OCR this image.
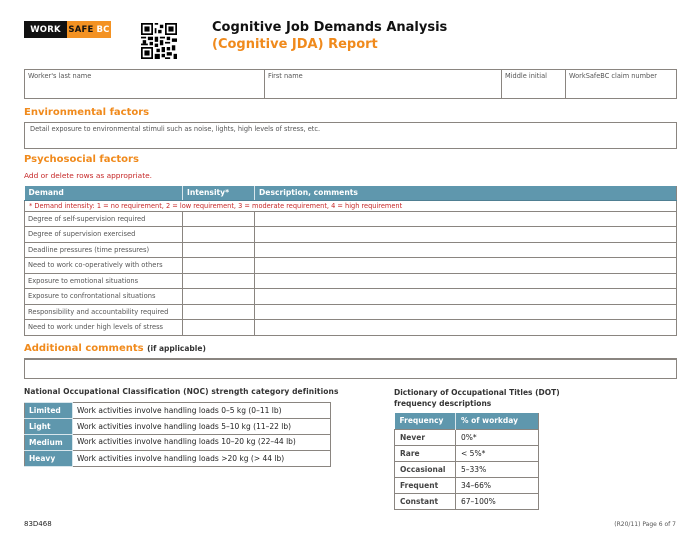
WORK SAFE BC	Cognitive Job Demands Analysis
(Cognitive JDA) Report
Worker's last name	First name	Middle initial	WorkSafeBC claim number
Environmental factors
Detail exposure to environmental stimuli such as noise, lights, high levels of stress, etc.
Psychosocial factors
Add or delete rows as appropriate.
Demand	Intensity*	Description, comments
* Demand intensity: 1 = no requirement, 2 = low requirement, 3 = moderate requirement, 4 = high requirement		
Degree of self-supervision required		
Degree of supervision exercised		
Deadline pressures (time pressures)		
Need to work co-operatively with others		
Exposure to emotional situations		
Exposure to confrontational situations		
Responsibility and accountability required		
Need to work under high levels of stress		
Additional comments (if applicable)
National Occupational Classification (NOC) strength category definitions
Limited	Work activities involve handling loads 0–5 kg (0–11 lb)
Light	Work activities involve handling loads 5–10 kg (11–22 lb)
Medium	Work activities involve handling loads 10–20 kg (22–44 lb)

Heavy	Work activities involve handling loads >20 kg (> 44 lb)
Dictionary of Occupational Titles (DOT)
frequency descriptions
Frequency	% of workday
Never	0%*
Rare	< 5%*
Occasional	5–33%
Frequent	34–66%
Constant	67–100%
83D468	(R20/11) Page 6 of 7
